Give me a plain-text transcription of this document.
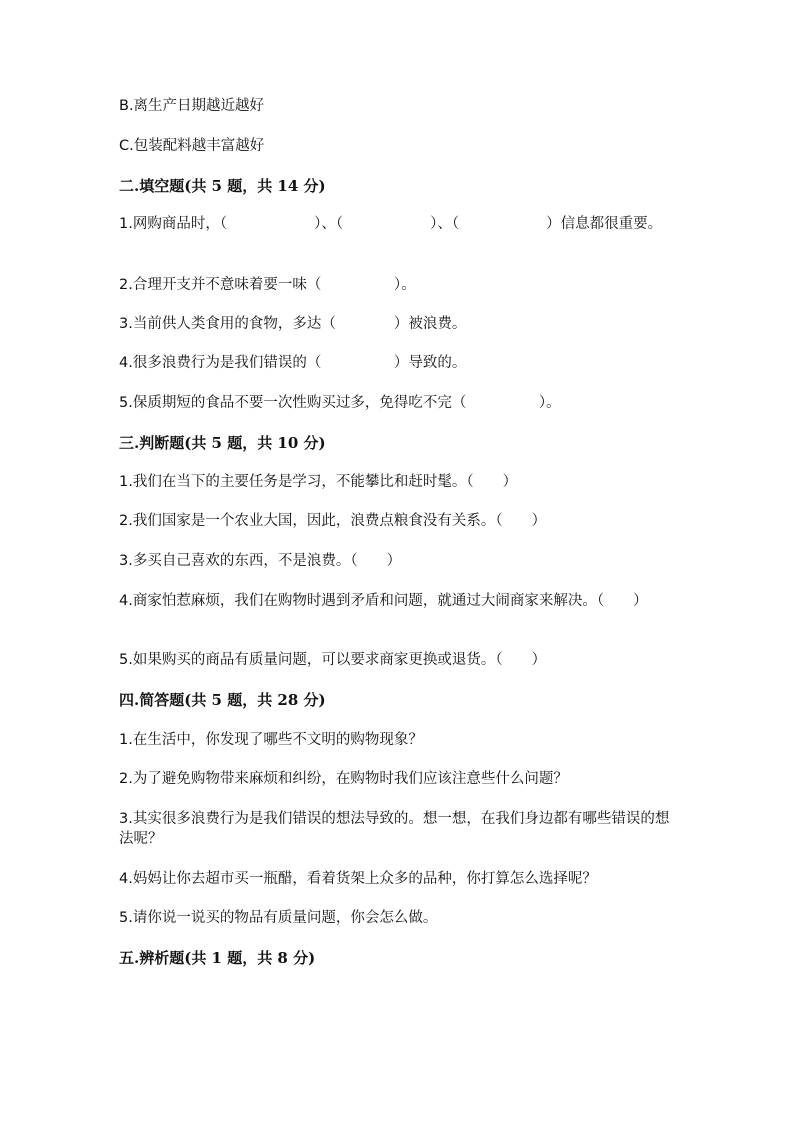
B.离生产日期越近越好
C.包装配料越丰富越好
二.填空题(共 5 题，共 14 分)
1.网购商品时，（　　　　　　）、（　　　　　　）、（　　　　　　）信息都很重要。
2.合理开支并不意味着要一味（　　　　　）。
3.当前供人类食用的食物，多达（　　　　）被浪费。
4.很多浪费行为是我们错误的（　　　　　）导致的。
5.保质期短的食品不要一次性购买过多，免得吃不完（　　　　　）。
三.判断题(共 5 题，共 10 分)
1.我们在当下的主要任务是学习，不能攀比和赶时髦。（　　）
2.我们国家是一个农业大国，因此，浪费点粮食没有关系。（　　）
3.多买自己喜欢的东西，不是浪费。（　　）
4.商家怕惹麻烦，我们在购物时遇到矛盾和问题，就通过大闹商家来解决。（　　）
5.如果购买的商品有质量问题，可以要求商家更换或退货。（　　）
四.简答题(共 5 题，共 28 分)
1.在生活中，你发现了哪些不文明的购物现象？
2.为了避免购物带来麻烦和纠纷，在购物时我们应该注意些什么问题？
3.其实很多浪费行为是我们错误的想法导致的。想一想，在我们身边都有哪些错误的想法呢？
4.妈妈让你去超市买一瓶醋，看着货架上众多的品种，你打算怎么选择呢？
5.请你说一说买的物品有质量问题，你会怎么做。
五.辨析题(共 1 题，共 8 分)
